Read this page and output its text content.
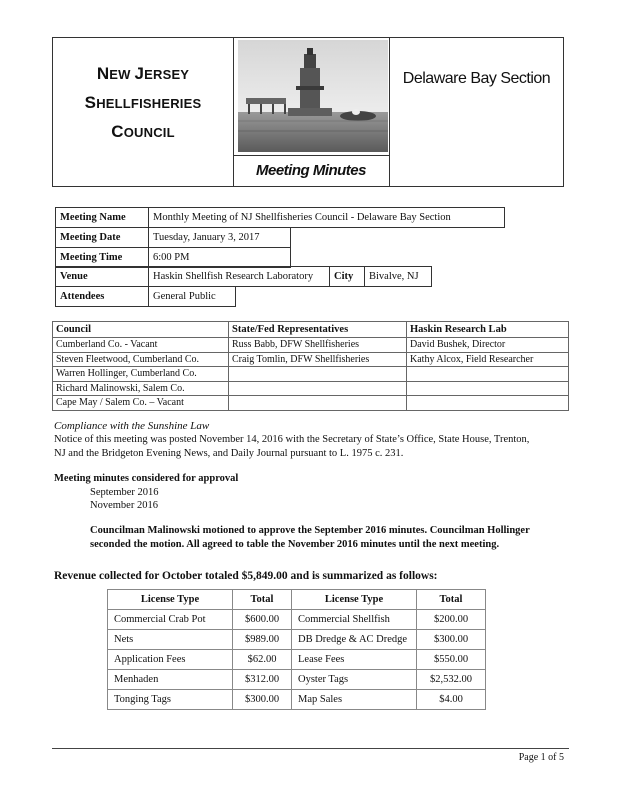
NEW JERSEY
SHELLFISHERIES
COUNCIL
Delaware Bay Section
Meeting Minutes
Meeting Name	Monthly Meeting of NJ Shellfisheries Council - Delaware Bay Section
Meeting Date	Tuesday, January 3, 2017
Meeting Time	6:00 PM
Venue	Haskin Shellfish Research Laboratory	City	Bivalve, NJ
Attendees	General Public
Council	State/Fed Representatives	Haskin Research Lab
Cumberland Co. - Vacant	Russ Babb, DFW Shellfisheries	David Bushek, Director
Steven Fleetwood, Cumberland Co.	Craig Tomlin, DFW Shellfisheries	Kathy Alcox, Field Researcher
Warren Hollinger, Cumberland Co.		
Richard Malinowski, Salem Co.		
Cape May / Salem Co. – Vacant		
Compliance with the Sunshine Law
Notice of this meeting was posted November 14, 2016 with the Secretary of State’s Office, State House, Trenton,
NJ and the Bridgeton Evening News, and Daily Journal pursuant to L. 1975 c. 231.
Meeting minutes considered for approval
September 2016
November 2016
Councilman Malinowski motioned to approve the September 2016 minutes. Councilman Hollinger
seconded the motion. All agreed to table the November 2016 minutes until the next meeting.
Revenue collected for October totaled $5,849.00 and is summarized as follows:
License Type	Total	License Type	Total
Commercial Crab Pot	$600.00	Commercial Shellfish	$200.00
Nets	$989.00	DB Dredge & AC Dredge	$300.00
Application Fees	$62.00	Lease Fees	$550.00
Menhaden	$312.00	Oyster Tags	$2,532.00
Tonging Tags	$300.00	Map Sales	$4.00
Page 1 of 5
